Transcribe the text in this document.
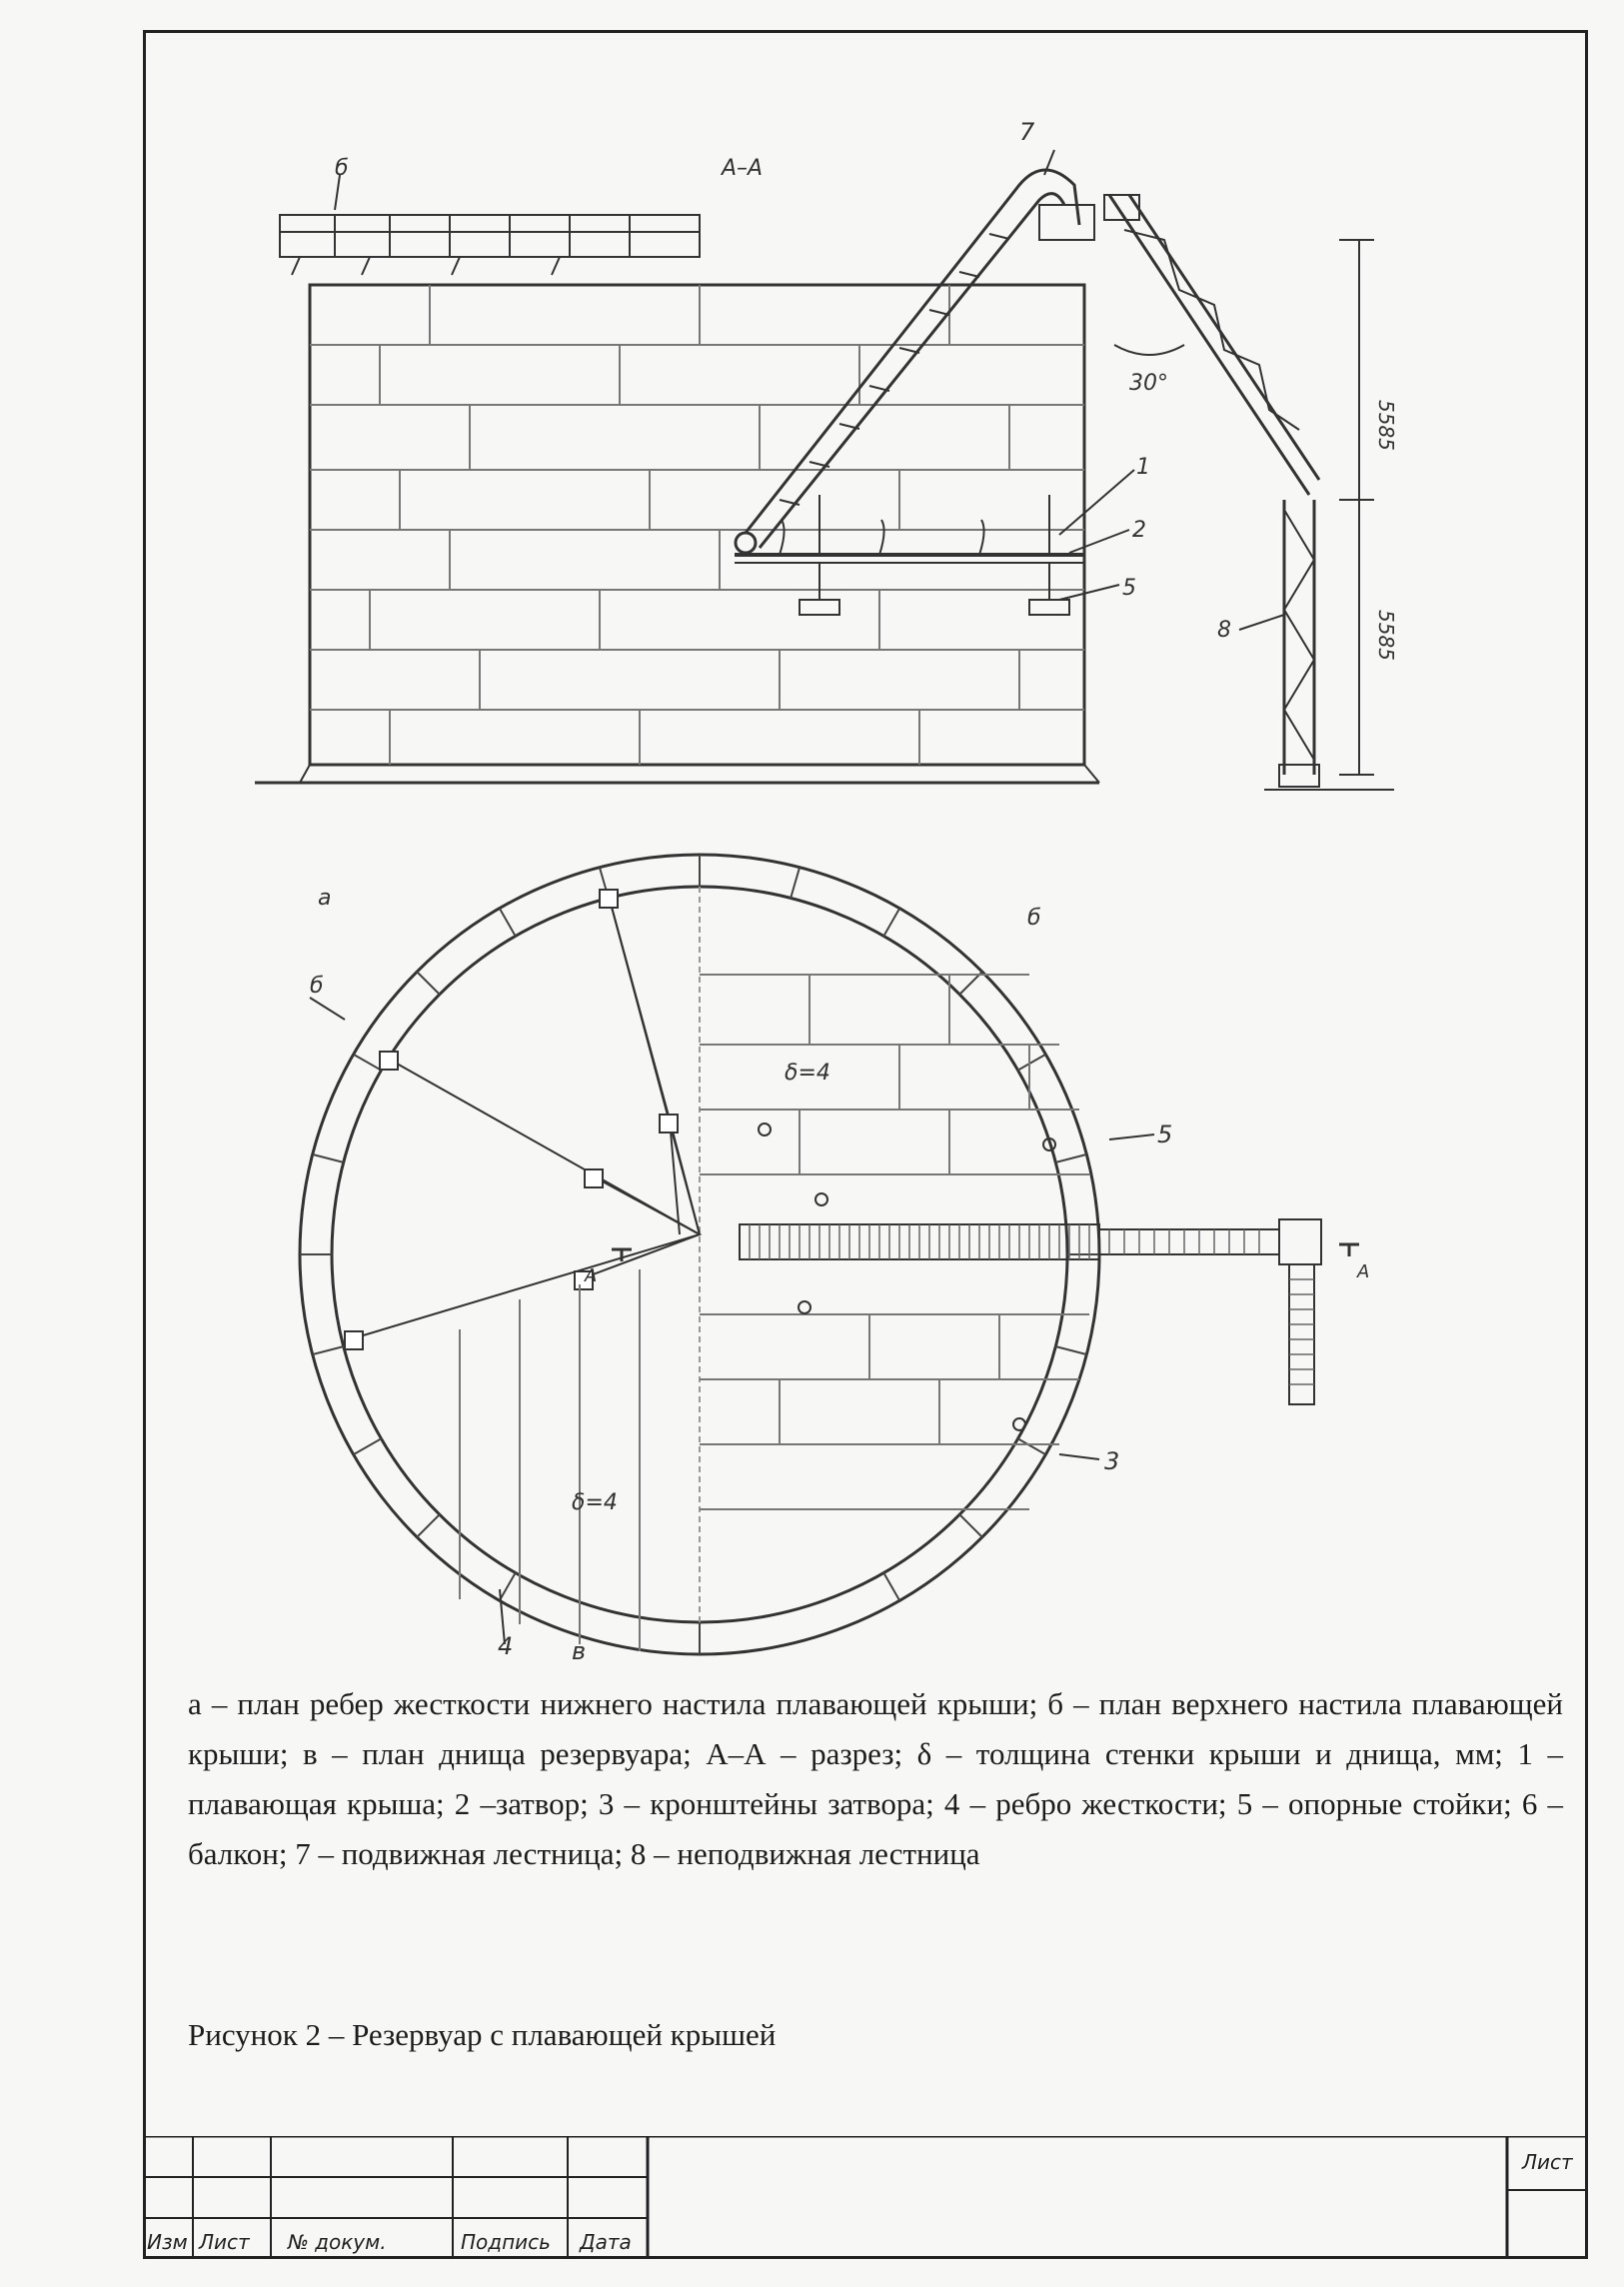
А–А
7
б
1
2
5
8
30°
5585
5585
а
б
б
δ=4
δ=4
5
3
4 в
А	А
а – план ребер жесткости нижнего настила плавающей крыши; б – план верхнего настила плавающей крыши; в – план днища резервуара; А–А – разрез; δ – толщина стенки крыши и днища, мм; 1 – плавающая крыша; 2 –затвор; 3 – кронштейны затвора; 4 – ребро жесткости; 5 – опорные стойки; 6 – балкон; 7 – подвижная лестница; 8 – неподвижная лестница
Рисунок 2 – Резервуар с плавающей крышей
Изм Лист № докум.	Подпись Дата
Лист
